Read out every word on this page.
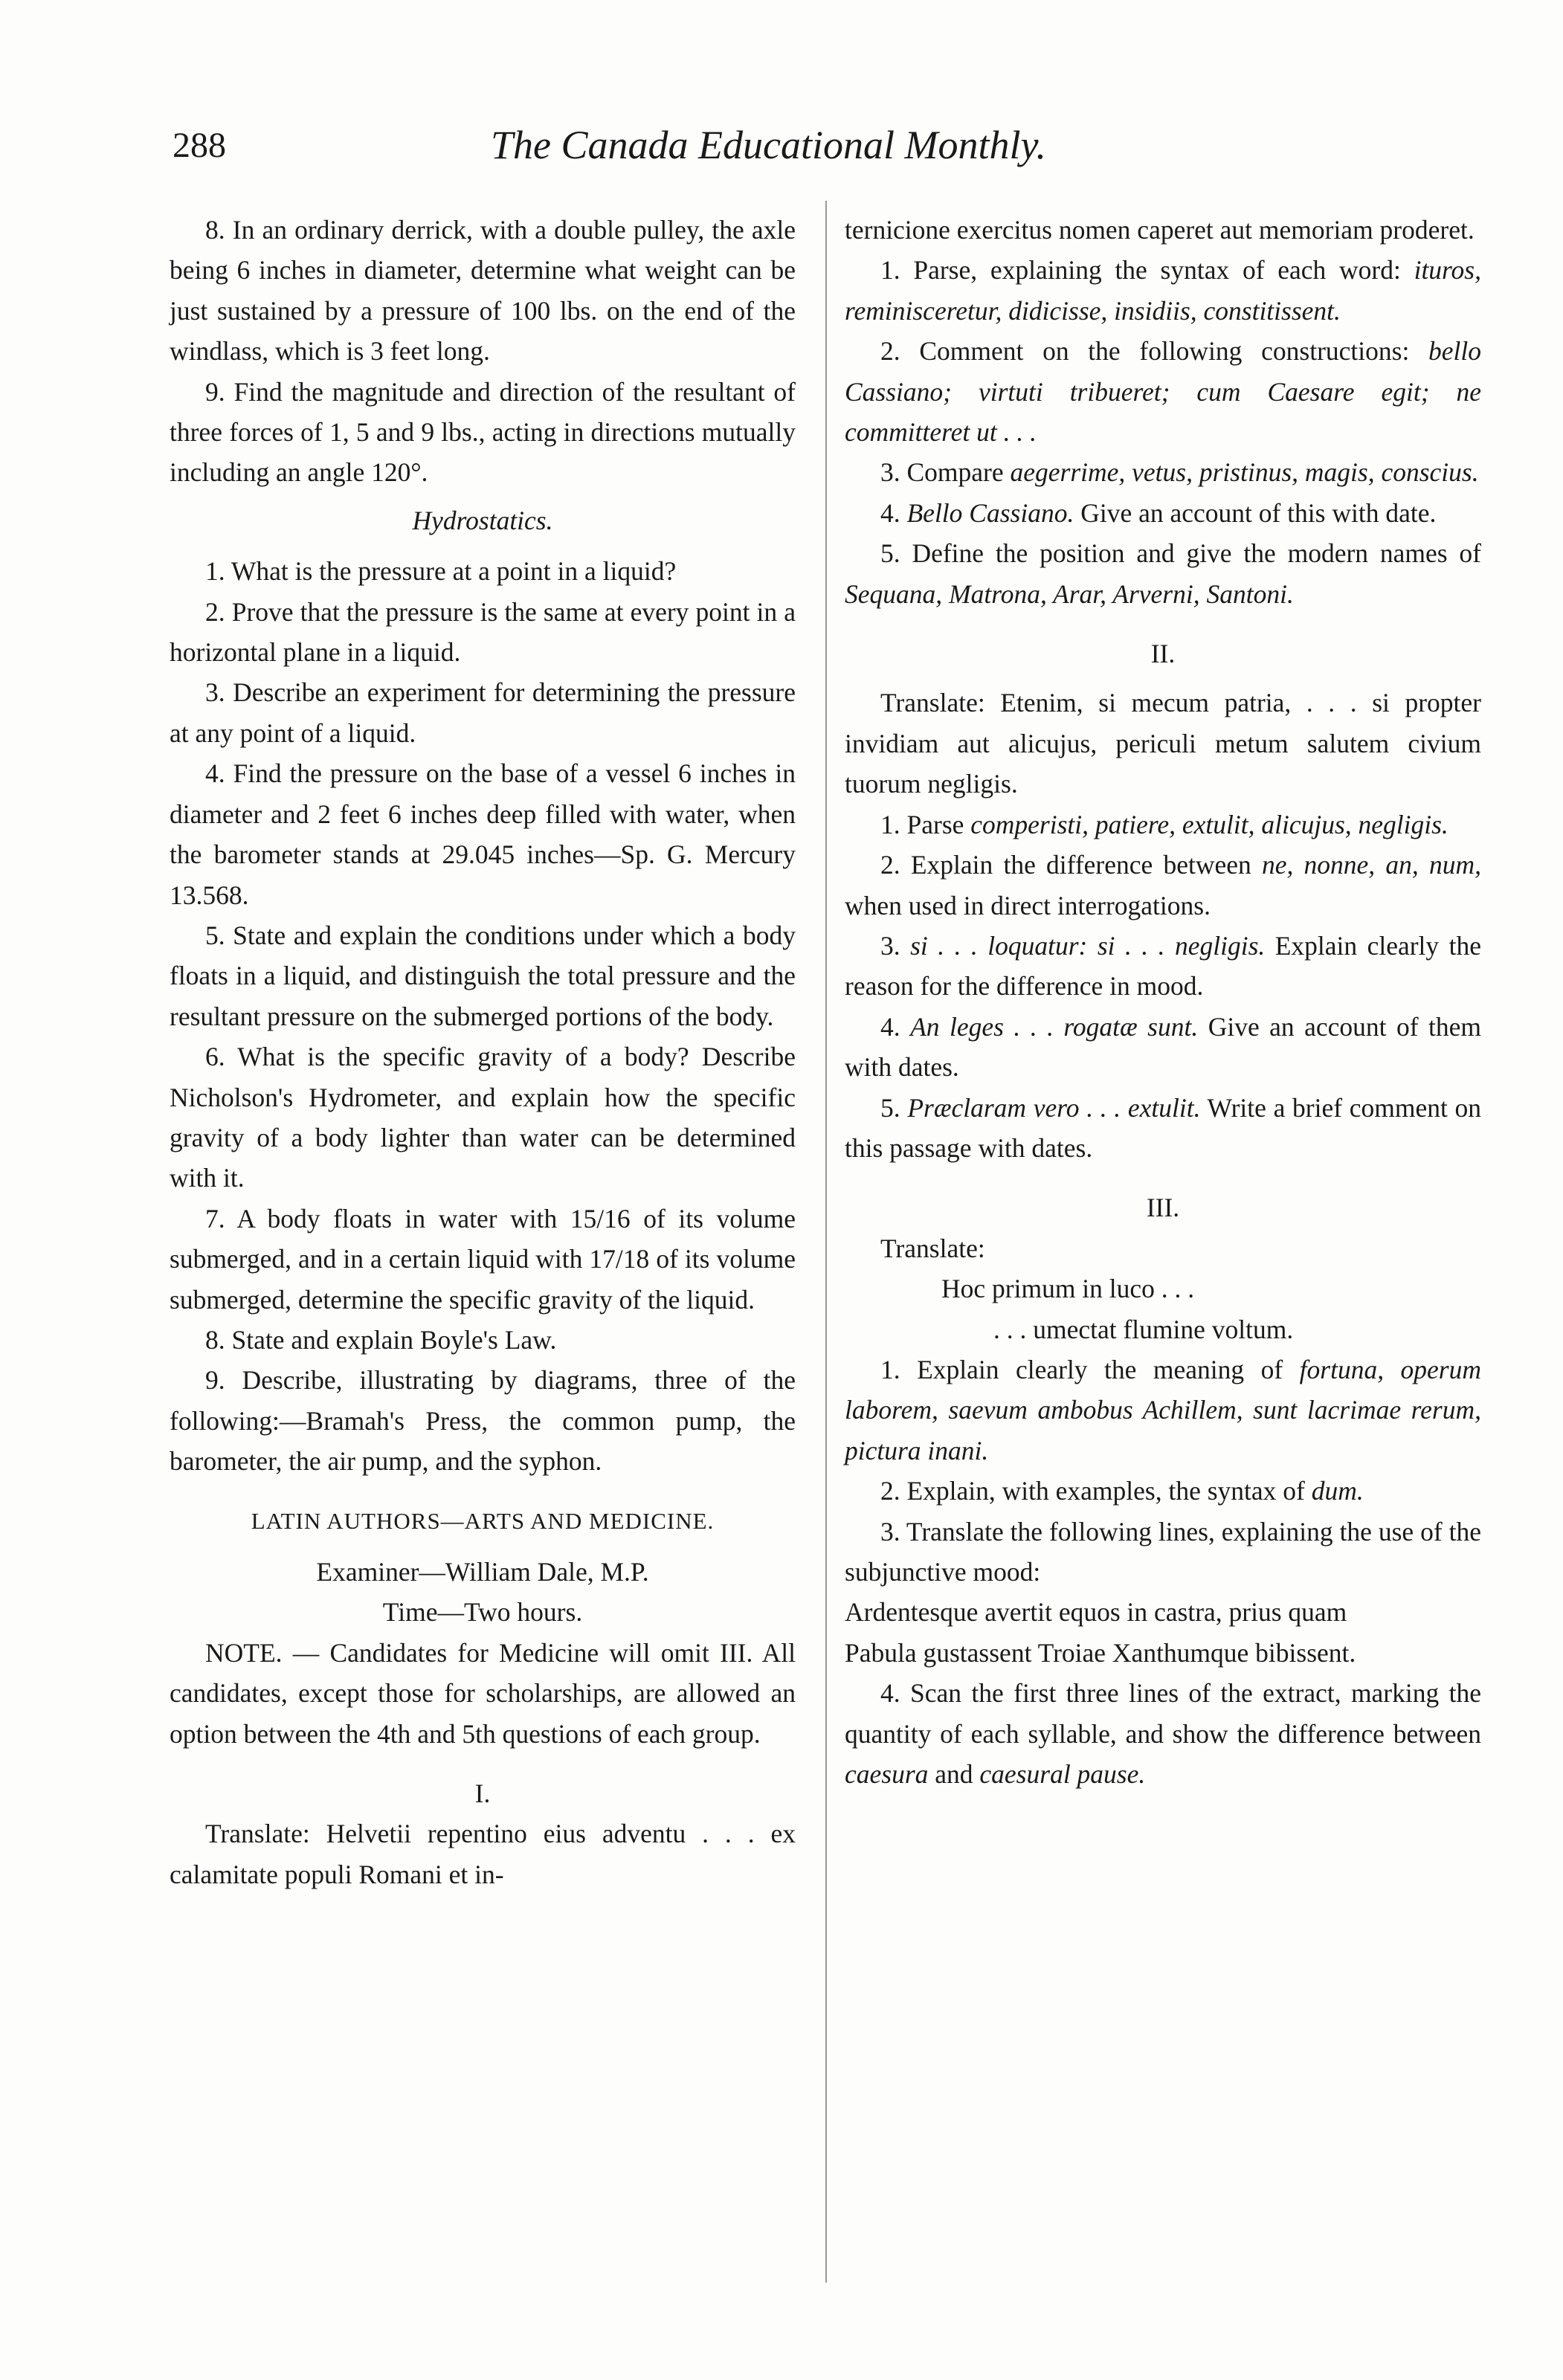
288	The Canada Educational Monthly.

8. In an ordinary derrick, with a double pulley, the axle being 6 inches in diameter, determine what weight can be just sustained by a pressure of 100 lbs. on the end of the windlass, which is 3 feet long.

9. Find the magnitude and direction of the resultant of three forces of 1, 5 and 9 lbs., acting in directions mutually including an angle 120°.

Hydrostatics.

1. What is the pressure at a point in a liquid?

2. Prove that the pressure is the same at every point in a horizontal plane in a liquid.

3. Describe an experiment for determining the pressure at any point of a liquid.

4. Find the pressure on the base of a vessel 6 inches in diameter and 2 feet 6 inches deep filled with water, when the barometer stands at 29.045 inches—Sp. G. Mercury 13.568.

5. State and explain the conditions under which a body floats in a liquid, and distinguish the total pressure and the resultant pressure on the submerged portions of the body.

6. What is the specific gravity of a body? Describe Nicholson's Hydrometer, and explain how the specific gravity of a body lighter than water can be determined with it.

7. A body floats in water with 15/16 of its volume submerged, and in a certain liquid with 17/18 of its volume submerged, determine the specific gravity of the liquid.

8. State and explain Boyle's Law.

9. Describe, illustrating by diagrams, three of the following:—Bramah's Press, the common pump, the barometer, the air pump, and the syphon.

LATIN AUTHORS—ARTS AND MEDICINE.

Examiner—William Dale, M.P.

Time—Two hours.

NOTE. — Candidates for Medicine will omit III. All candidates, except those for scholarships, are allowed an option between the 4th and 5th questions of each group.

I.

Translate: Helvetii repentino eius adventu . . . ex calamitate populi Romani et in-

ternicione exercitus nomen caperet aut memoriam proderet.

1. Parse, explaining the syntax of each word: ituros, reminisceretur, didicisse, insidiis, constitissent.

2. Comment on the following constructions: bello Cassiano; virtuti tribueret; cum Caesare egit; ne committeret ut . . .

3. Compare aegerrime, vetus, pristinus, magis, conscius.

4. Bello Cassiano. Give an account of this with date.

5. Define the position and give the modern names of Sequana, Matrona, Arar, Arverni, Santoni.

II.

Translate: Etenim, si mecum patria, . . . si propter invidiam aut alicujus, periculi metum salutem civium tuorum negligis.

1. Parse comperisti, patiere, extulit, alicujus, negligis.

2. Explain the difference between ne, nonne, an, num, when used in direct interrogations.

3. si . . . loquatur: si . . . negligis. Explain clearly the reason for the difference in mood.

4. An leges . . . rogatæ sunt. Give an account of them with dates.

5. Præclaram vero . . . extulit. Write a brief comment on this passage with dates.

III.

Translate:

Hoc primum in luco . . .

. . . umectat flumine voltum.

1. Explain clearly the meaning of fortuna, operum laborem, saevum ambobus Achillem, sunt lacrimae rerum, pictura inani.

2. Explain, with examples, the syntax of dum.

3. Translate the following lines, explaining the use of the subjunctive mood:

Ardentesque avertit equos in castra, prius quam

Pabula gustassent Troiae Xanthumque bibissent.

4. Scan the first three lines of the extract, marking the quantity of each syllable, and show the difference between caesura and caesural pause.
